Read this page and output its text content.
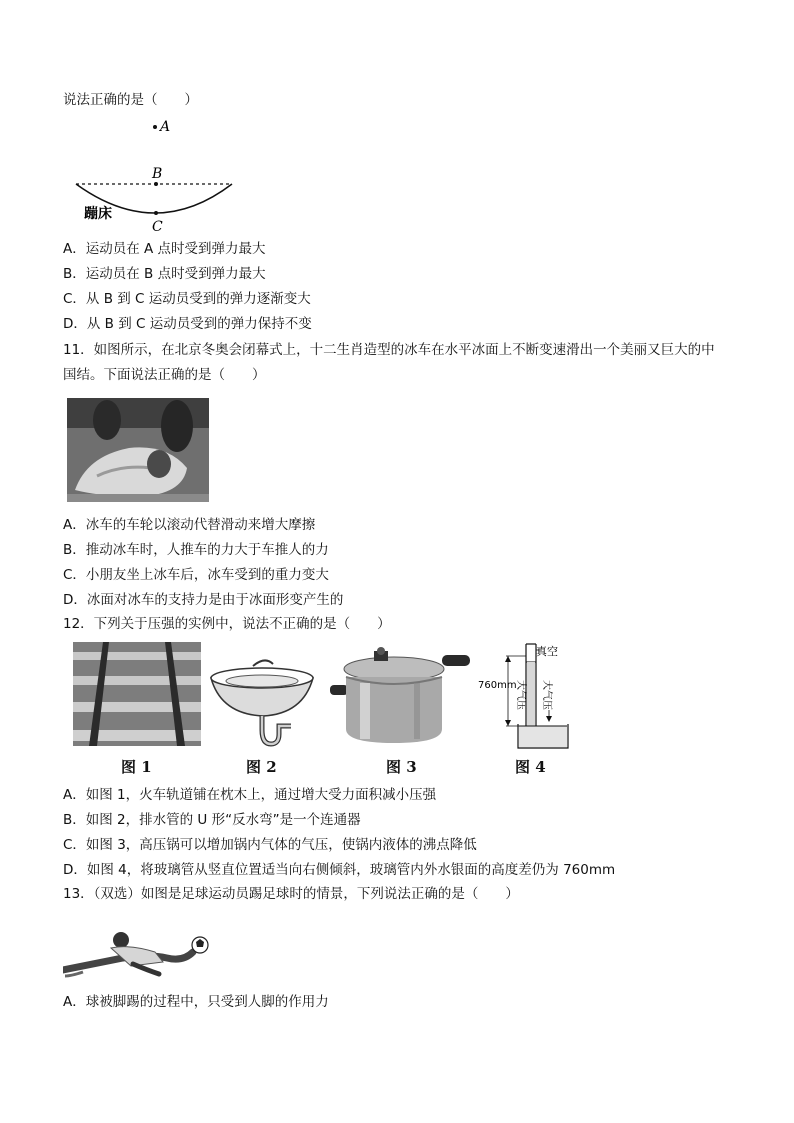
说法正确的是（　　）
A
B
C
蹦床
A．运动员在 A 点时受到弹力最大
B．运动员在 B 点时受到弹力最大
C．从 B 到 C 运动员受到的弹力逐渐变大
D．从 B 到 C 运动员受到的弹力保持不变
11．如图所示，在北京冬奥会闭幕式上，十二生肖造型的冰车在水平冰面上不断变速滑出一个美丽又巨大的中
国结。下面说法正确的是（　　）
A．冰车的车轮以滚动代替滑动来增大摩擦
B．推动冰车时，人推车的力大于车推人的力
C．小朋友坐上冰车后，冰车受到的重力变大
D．冰面对冰车的支持力是由于冰面形变产生的
12．下列关于压强的实例中，说法不正确的是（　　）
图 1	图 2	图 3
真空
760mm
大气压 大气压
图 4
A．如图 1，火车轨道铺在枕木上，通过增大受力面积减小压强
B．如图 2，排水管的 U 形“反水弯”是一个连通器
C．如图 3，高压锅可以增加锅内气体的气压，使锅内液体的沸点降低
D．如图 4，将玻璃管从竖直位置适当向右侧倾斜，玻璃管内外水银面的高度差仍为 760mm
13．（双选）如图是足球运动员踢足球时的情景，下列说法正确的是（　　）
A．球被脚踢的过程中，只受到人脚的作用力
